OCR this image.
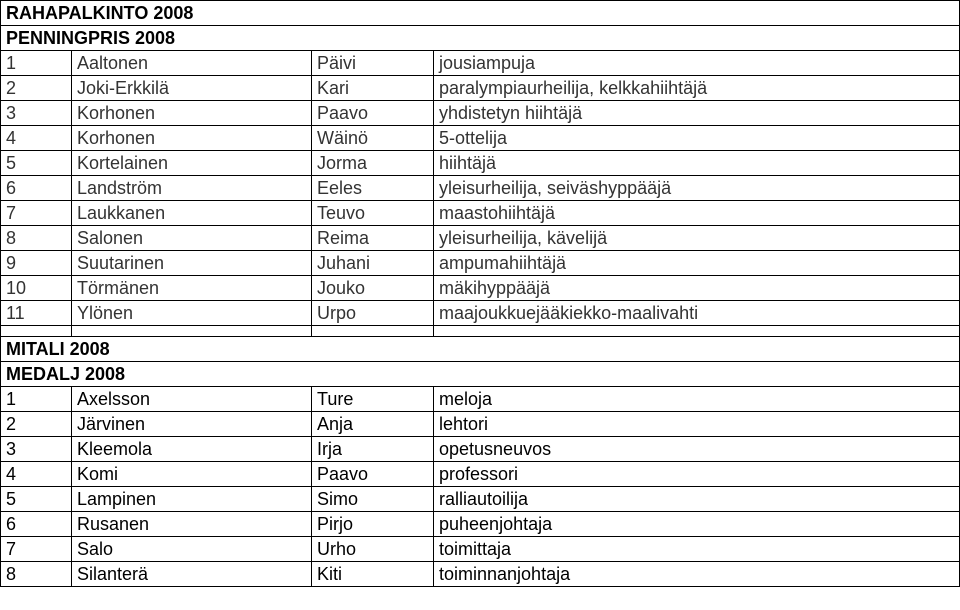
RAHAPALKINTO 2008			
PENNINGPRIS 2008			
1	Aaltonen	Päivi	jousiampuja
2	Joki-Erkkilä	Kari	paralympiaurheilija, kelkkahiihtäjä
3	Korhonen	Paavo	yhdistetyn hiihtäjä
4	Korhonen	Wäinö	5-ottelija
5	Kortelainen	Jorma	hiihtäjä
6	Landström	Eeles	yleisurheilija, seiväshyppääjä
7	Laukkanen	Teuvo	maastohiihtäjä
8	Salonen	Reima	yleisurheilija, kävelijä
9	Suutarinen	Juhani	ampumahiihtäjä
10	Törmänen	Jouko	mäkihyppääjä
11	Ylönen	Urpo	maajoukkuejääkiekko-maalivahti

MITALI 2008			
MEDALJ 2008			
1	Axelsson	Ture	meloja
2	Järvinen	Anja	lehtori
3	Kleemola	Irja	opetusneuvos
4	Komi	Paavo	professori
5	Lampinen	Simo	ralliautoilija
6	Rusanen	Pirjo	puheenjohtaja
7	Salo	Urho	toimittaja
8	Silanterä	Kiti	toiminnanjohtaja
